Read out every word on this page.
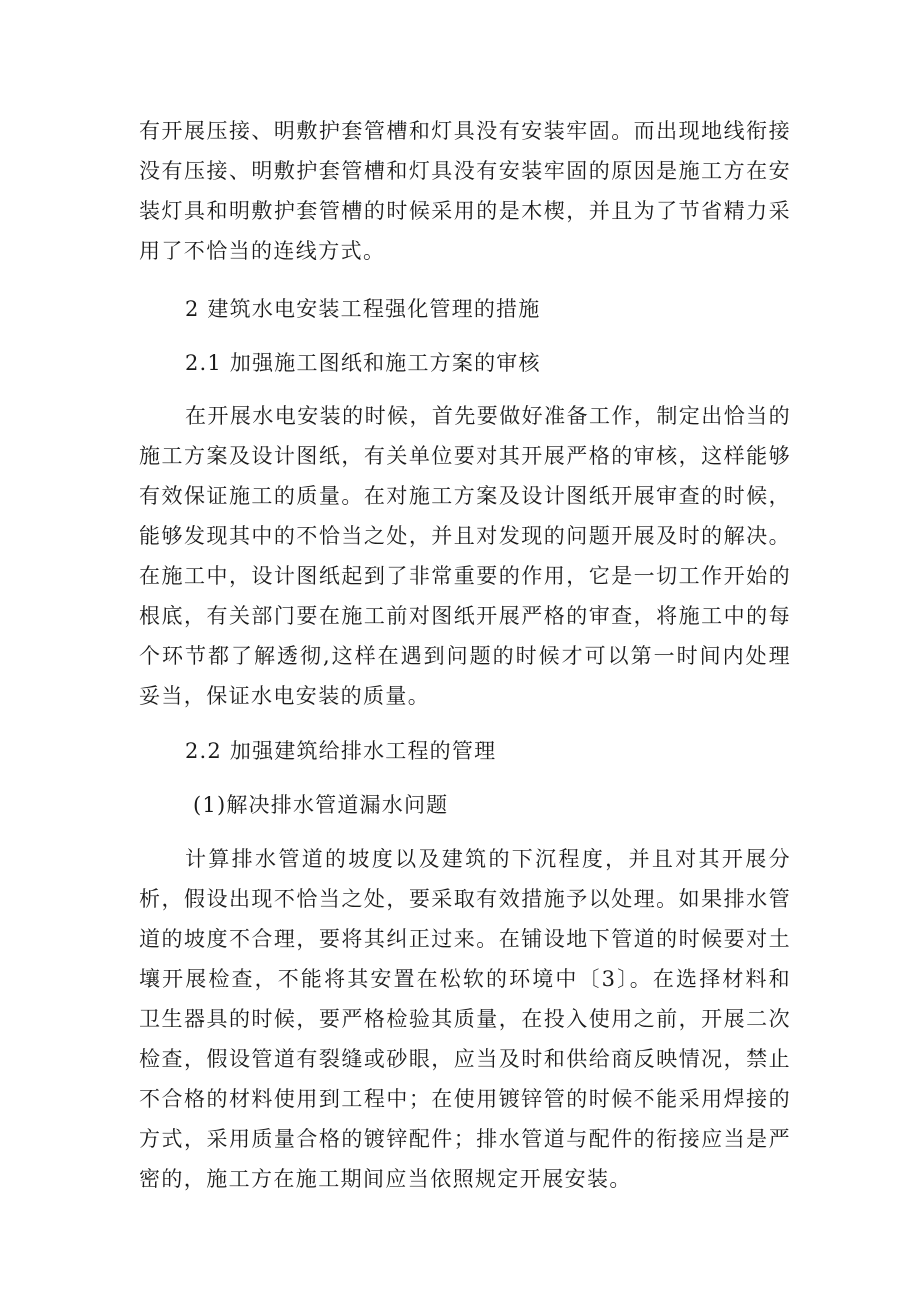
有开展压接、明敷护套管槽和灯具没有安装牢固。而出现地线衔接没有压接、明敷护套管槽和灯具没有安装牢固的原因是施工方在安装灯具和明敷护套管槽的时候采用的是木楔，并且为了节省精力采用了不恰当的连线方式。
2 建筑水电安装工程强化管理的措施
2.1 加强施工图纸和施工方案的审核
在开展水电安装的时候，首先要做好准备工作，制定出恰当的施工方案及设计图纸，有关单位要对其开展严格的审核，这样能够有效保证施工的质量。在对施工方案及设计图纸开展审查的时候，能够发现其中的不恰当之处，并且对发现的问题开展及时的解决。在施工中，设计图纸起到了非常重要的作用，它是一切工作开始的根底，有关部门要在施工前对图纸开展严格的审查，将施工中的每个环节都了解透彻,这样在遇到问题的时候才可以第一时间内处理妥当，保证水电安装的质量。
2.2 加强建筑给排水工程的管理
(1)解决排水管道漏水问题
计算排水管道的坡度以及建筑的下沉程度，并且对其开展分析，假设出现不恰当之处，要采取有效措施予以处理。如果排水管道的坡度不合理，要将其纠正过来。在铺设地下管道的时候要对土壤开展检查，不能将其安置在松软的环境中〔3〕。在选择材料和卫生器具的时候，要严格检验其质量，在投入使用之前，开展二次检查，假设管道有裂缝或砂眼，应当及时和供给商反映情况，禁止不合格的材料使用到工程中；在使用镀锌管的时候不能采用焊接的方式，采用质量合格的镀锌配件；排水管道与配件的衔接应当是严密的，施工方在施工期间应当依照规定开展安装。
